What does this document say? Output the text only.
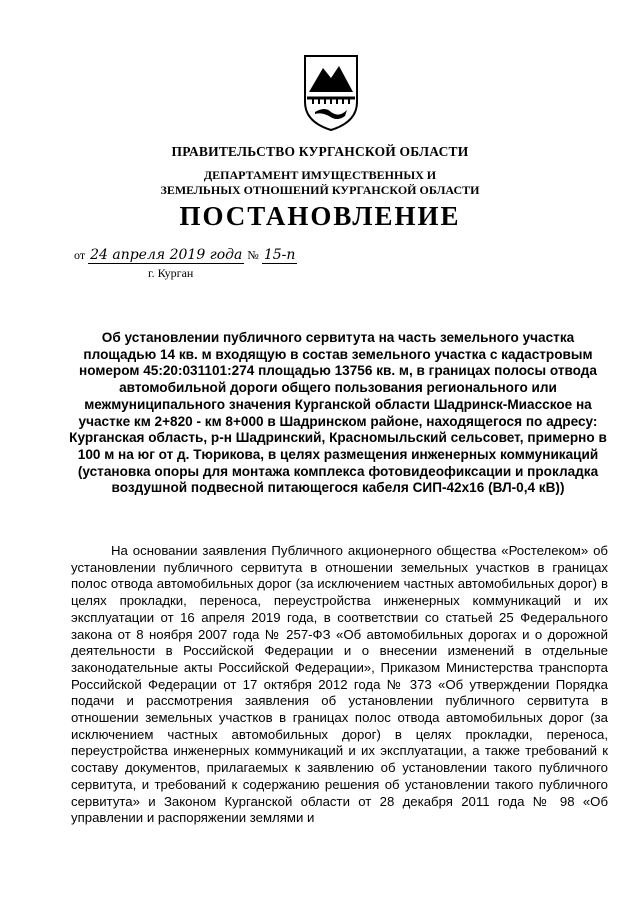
ПРАВИТЕЛЬСТВО КУРГАНСКОЙ ОБЛАСТИ
ДЕПАРТАМЕНТ ИМУЩЕСТВЕННЫХ И
ЗЕМЕЛЬНЫХ ОТНОШЕНИЙ КУРГАНСКОЙ ОБЛАСТИ
ПОСТАНОВЛЕНИЕ
от 24 апреля 2019 года № 15-п
г. Курган
Об установлении публичного сервитута на часть земельного участка площадью 14 кв. м входящую в состав земельного участка с кадастровым номером 45:20:031101:274 площадью 13756 кв. м, в границах полосы отвода автомобильной дороги общего пользования регионального или межмуниципального значения Курганской области Шадринск-Миасское на участке км 2+820 - км 8+000 в Шадринском районе, находящегося по адресу: Курганская область, р-н Шадринский, Красномыльский сельсовет, примерно в 100 м на юг от д. Тюрикова, в целях размещения инженерных коммуникаций (установка опоры для монтажа комплекса фотовидеофиксации и прокладка воздушной подвесной питающегося кабеля СИП-42х16 (ВЛ-0,4 кВ))

На основании заявления Публичного акционерного общества «Ростелеком» об установлении публичного сервитута в отношении земельных участков в границах полос отвода автомобильных дорог (за исключением частных автомобильных дорог) в целях прокладки, переноса, переустройства инженерных коммуникаций и их эксплуатации от 16 апреля 2019 года, в соответствии со статьей 25 Федерального закона от 8 ноября 2007 года № 257-ФЗ «Об автомобильных дорогах и о дорожной деятельности в Российской Федерации и о внесении изменений в отдельные законодательные акты Российской Федерации», Приказом Министерства транспорта Российской Федерации от 17 октября 2012 года № 373 «Об утверждении Порядка подачи и рассмотрения заявления об установлении публичного сервитута в отношении земельных участков в границах полос отвода автомобильных дорог (за исключением частных автомобильных дорог) в целях прокладки, переноса, переустройства инженерных коммуникаций и их эксплуатации, а также требований к составу документов, прилагаемых к заявлению об установлении такого публичного сервитута, и требований к содержанию решения об установлении такого публичного сервитута» и Законом Курганской области от 28 декабря 2011 года № 98 «Об управлении и распоряжении землями и
